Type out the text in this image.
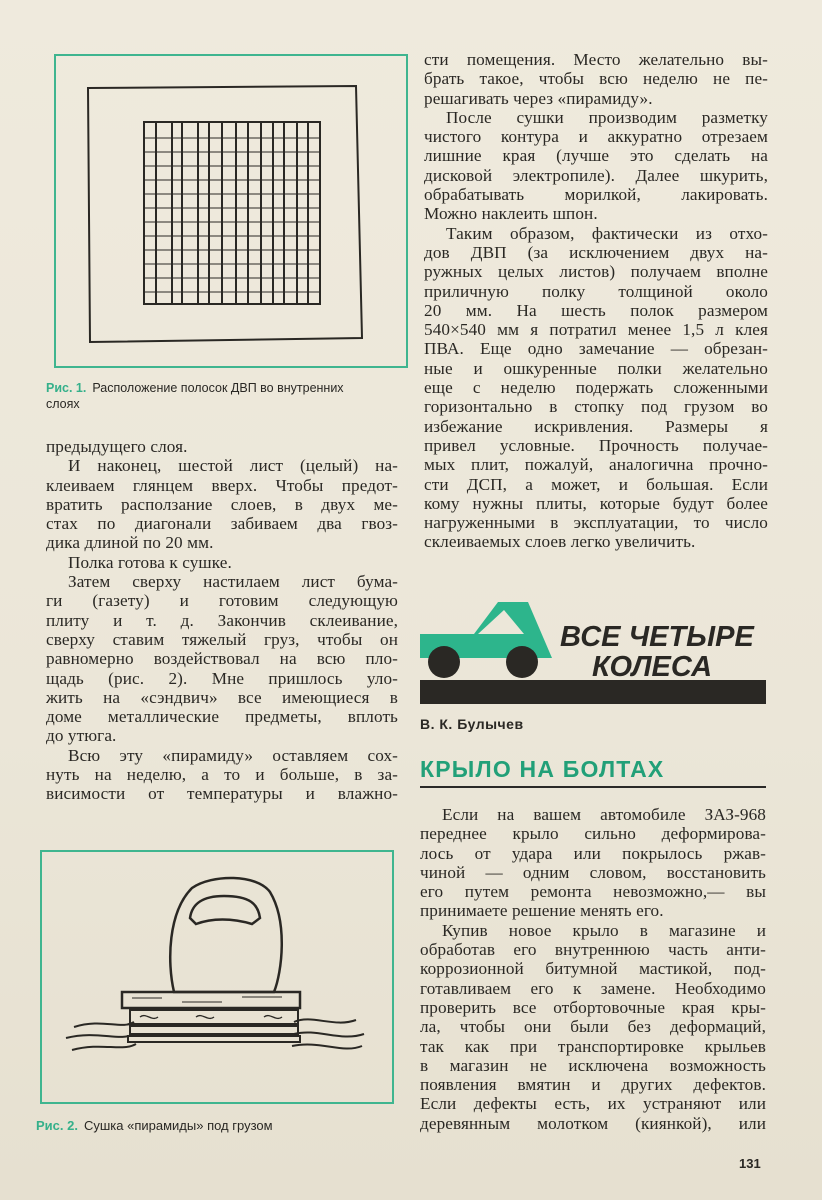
Рис. 1. Расположение полосок ДВП во внутренних
слоях
предыдущего слоя.
И наконец, шестой лист (целый) на-
клеиваем глянцем вверх. Чтобы предот-
вратить расползание слоев, в двух ме-
стах по диагонали забиваем два гвоз-
дика длиной по 20 мм.
Полка готова к сушке.
Затем сверху настилаем лист бума-
ги (газету) и готовим следующую
плиту и т. д. Закончив склеивание,
сверху ставим тяжелый груз, чтобы он
равномерно воздействовал на всю пло-
щадь (рис. 2). Мне пришлось уло-
жить на «сэндвич» все имеющиеся в
доме металлические предметы, вплоть
до утюга.
Всю эту «пирамиду» оставляем сох-
нуть на неделю, а то и больше, в за-
висимости от температуры и влажно-
Рис. 2. Сушка «пирамиды» под грузом
сти помещения. Место желательно вы-
брать такое, чтобы всю неделю не пе-
решагивать через «пирамиду».
После сушки производим разметку
чистого контура и аккуратно отрезаем
лишние края (лучше это сделать на
дисковой электропиле). Далее шкурить,
обрабатывать морилкой, лакировать.
Можно наклеить шпон.
Таким образом, фактически из отхо-
дов ДВП (за исключением двух на-
ружных целых листов) получаем вполне
приличную полку толщиной около
20 мм. На шесть полок размером
540×540 мм я потратил менее 1,5 л клея
ПВА. Еще одно замечание — обрезан-
ные и ошкуренные полки желательно
еще с неделю подержать сложенными
горизонтально в стопку под грузом во
избежание искривления. Размеры я
привел условные. Прочность получае-
мых плит, пожалуй, аналогична прочно-
сти ДСП, а может, и большая. Если
кому нужны плиты, которые будут более
нагруженными в эксплуатации, то число
склеиваемых слоев легко увеличить.
ВСЕ ЧЕТЫРЕ
КОЛЕСА
В. К. Булычев
КРЫЛО НА БОЛТАХ
Если на вашем автомобиле ЗАЗ-968
переднее крыло сильно деформирова-
лось от удара или покрылось ржав-
чиной — одним словом, восстановить
его путем ремонта невозможно,— вы
принимаете решение менять его.
Купив новое крыло в магазине и
обработав его внутреннюю часть анти-
коррозионной битумной мастикой, под-
готавливаем его к замене. Необходимо
проверить все отбортовочные края кры-
ла, чтобы они были без деформаций,
так как при транспортировке крыльев
в магазин не исключена возможность
появления вмятин и других дефектов.
Если дефекты есть, их устраняют или
деревянным молотком (киянкой), или
131
